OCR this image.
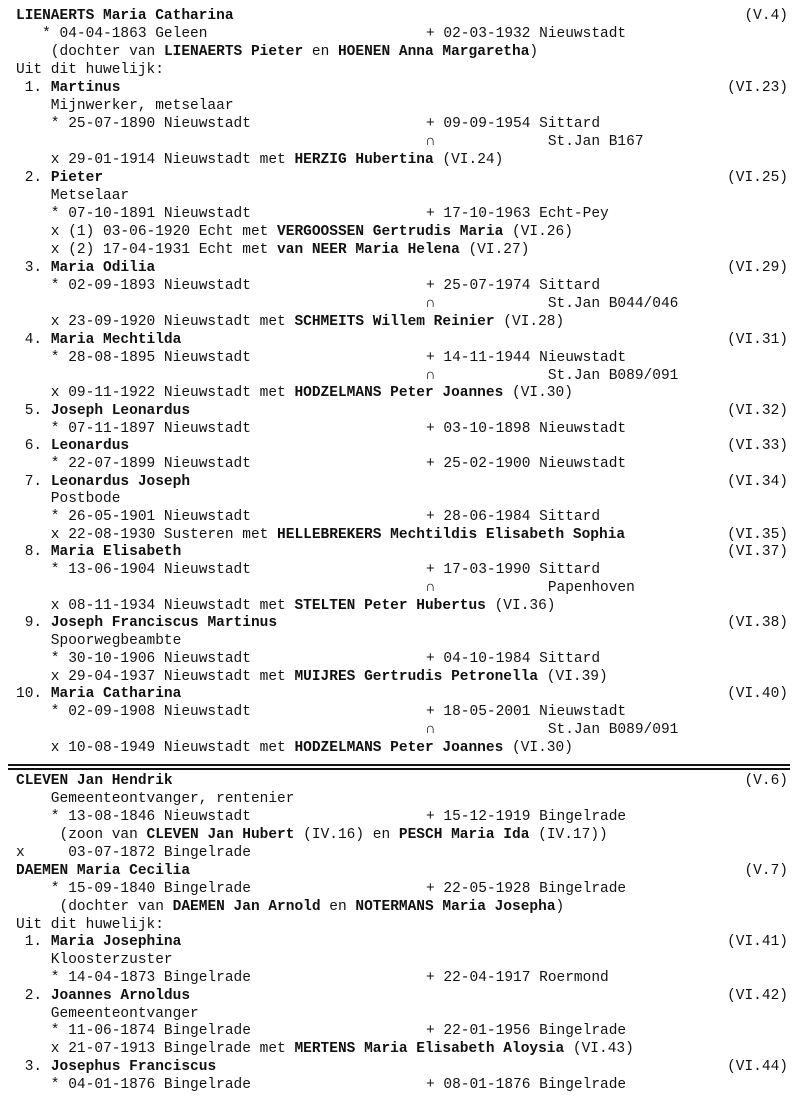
LIENAERTS Maria Catharina	(V.4)
* 04-04-1863 Geleen	+ 02-03-1932 Nieuwstadt
(dochter van LIENAERTS Pieter en HOENEN Anna Margaretha)
Uit dit huwelijk:
1. Martinus	(VI.23)
Mijnwerker, metselaar
* 25-07-1890 Nieuwstadt	+ 09-09-1954 Sittard
∩             St.Jan B167
x 29-01-1914 Nieuwstadt met HERZIG Hubertina (VI.24)
2. Pieter	(VI.25)
Metselaar
* 07-10-1891 Nieuwstadt	+ 17-10-1963 Echt-Pey
x (1) 03-06-1920 Echt met VERGOOSSEN Gertrudis Maria (VI.26)
x (2) 17-04-1931 Echt met van NEER Maria Helena (VI.27)
3. Maria Odilia	(VI.29)
* 02-09-1893 Nieuwstadt	+ 25-07-1974 Sittard
∩             St.Jan B044/046
x 23-09-1920 Nieuwstadt met SCHMEITS Willem Reinier (VI.28)
4. Maria Mechtilda	(VI.31)
* 28-08-1895 Nieuwstadt	+ 14-11-1944 Nieuwstadt
∩             St.Jan B089/091
x 09-11-1922 Nieuwstadt met HODZELMANS Peter Joannes (VI.30)
5. Joseph Leonardus	(VI.32)
* 07-11-1897 Nieuwstadt	+ 03-10-1898 Nieuwstadt
6. Leonardus	(VI.33)
* 22-07-1899 Nieuwstadt	+ 25-02-1900 Nieuwstadt
7. Leonardus Joseph	(VI.34)
Postbode
* 26-05-1901 Nieuwstadt	+ 28-06-1984 Sittard
x 22-08-1930 Susteren met HELLEBREKERS Mechtildis Elisabeth Sophia	(VI.35)
8. Maria Elisabeth	(VI.37)
* 13-06-1904 Nieuwstadt	+ 17-03-1990 Sittard
∩             Papenhoven
x 08-11-1934 Nieuwstadt met STELTEN Peter Hubertus (VI.36)
9. Joseph Franciscus Martinus	(VI.38)
Spoorwegbeambte
* 30-10-1906 Nieuwstadt	+ 04-10-1984 Sittard
x 29-04-1937 Nieuwstadt met MUIJRES Gertrudis Petronella (VI.39)
10. Maria Catharina	(VI.40)
* 02-09-1908 Nieuwstadt	+ 18-05-2001 Nieuwstadt
∩             St.Jan B089/091
x 10-08-1949 Nieuwstadt met HODZELMANS Peter Joannes (VI.30)
CLEVEN Jan Hendrik	(V.6)
Gemeenteontvanger, rentenier
* 13-08-1846 Nieuwstadt	+ 15-12-1919 Bingelrade
(zoon van CLEVEN Jan Hubert (IV.16) en PESCH Maria Ida (IV.17))
x     03-07-1872 Bingelrade
DAEMEN Maria Cecilia	(V.7)
* 15-09-1840 Bingelrade	+ 22-05-1928 Bingelrade
(dochter van DAEMEN Jan Arnold en NOTERMANS Maria Josepha)
Uit dit huwelijk:
1. Maria Josephina	(VI.41)
Kloosterzuster
* 14-04-1873 Bingelrade	+ 22-04-1917 Roermond
2. Joannes Arnoldus	(VI.42)
Gemeenteontvanger
* 11-06-1874 Bingelrade	+ 22-01-1956 Bingelrade
x 21-07-1913 Bingelrade met MERTENS Maria Elisabeth Aloysia (VI.43)
3. Josephus Franciscus	(VI.44)
* 04-01-1876 Bingelrade	+ 08-01-1876 Bingelrade
